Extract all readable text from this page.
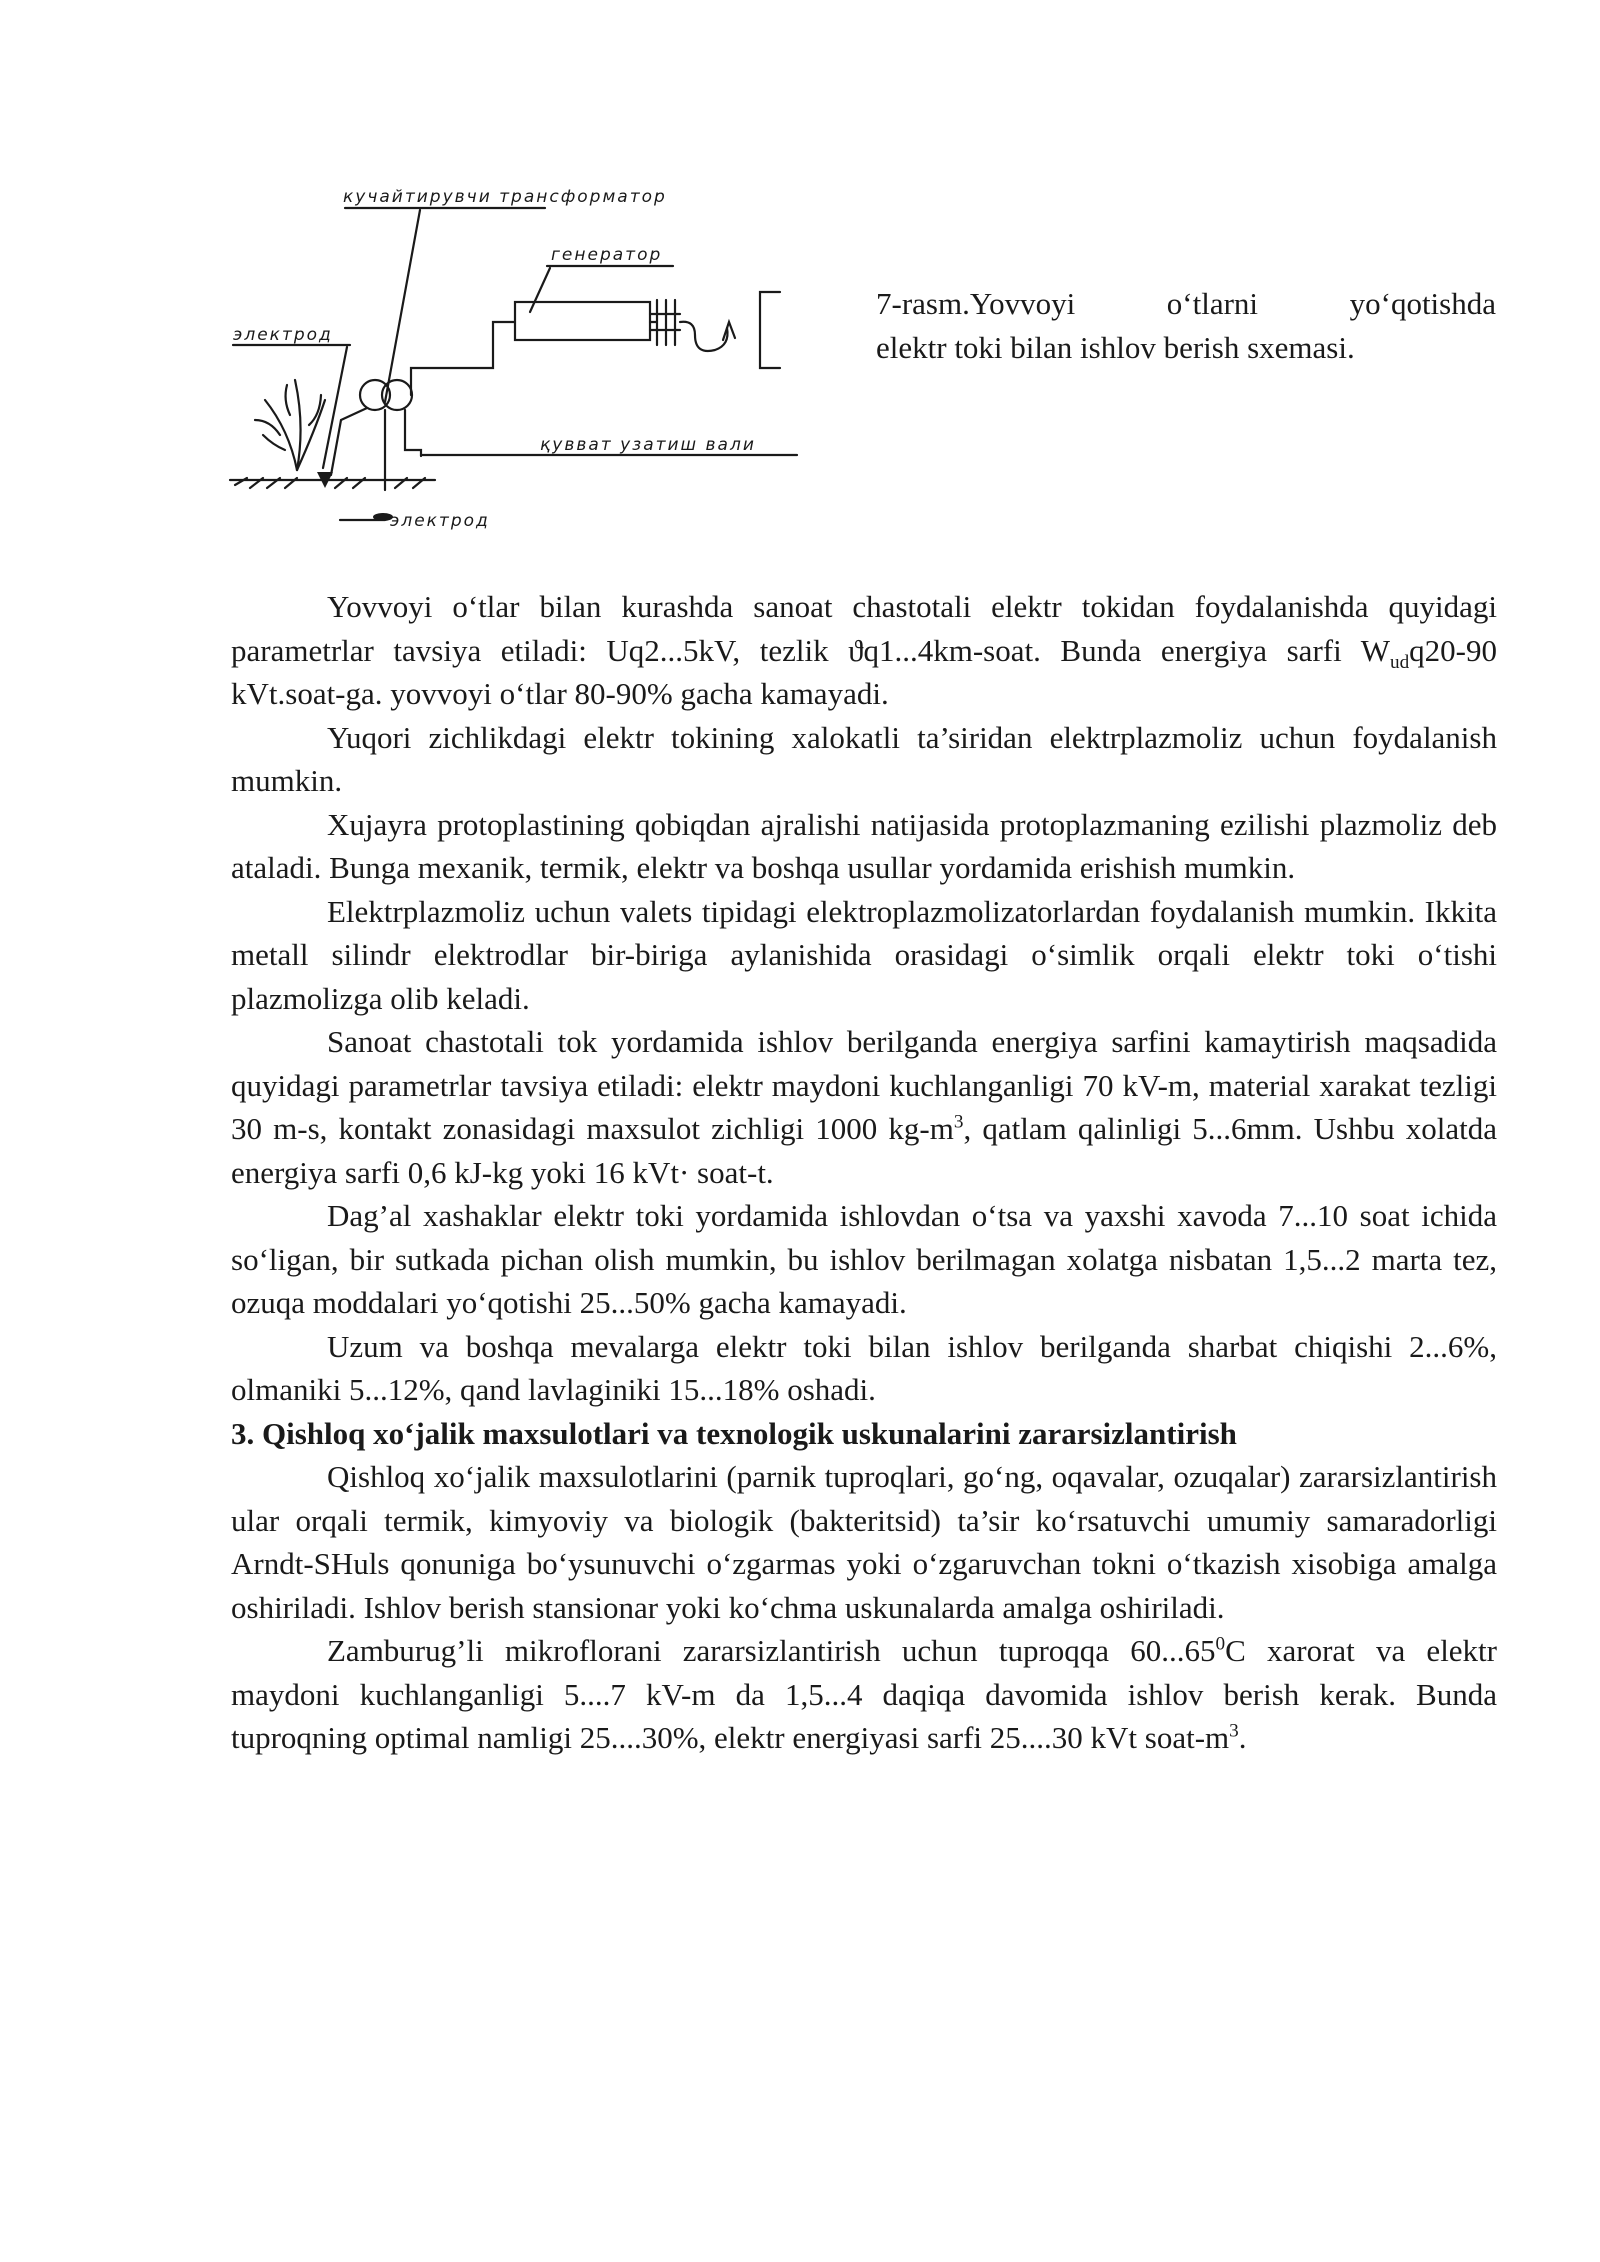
кучайтирувчи трансформатор
генератор
электрод
қувват узатиш вали
электрод
7-rasm.Yovvoyi o‘tlarni yo‘qotishda
elektr toki bilan ishlov berish sxemasi.

Yovvoyi o‘tlar bilan kurashda sanoat chastotali elektr tokidan foydalanishda quyidagi parametrlar tavsiya etiladi: Uq2...5kV, tezlik ϑq1...4km-soat. Bunda energiya sarfi $W_{ud}q20-90$ kVt.soat-ga. yovvoyi o‘tlar 80-90% gacha kamayadi.

Yuqori zichlikdagi elektr tokining xalokatli ta’siridan elektrplazmoliz uchun foydalanish mumkin.

Xujayra protoplastining qobiqdan ajralishi natijasida protoplazmaning ezilishi plazmoliz deb ataladi. Bunga mexanik, termik, elektr va boshqa usullar yordamida erishish mumkin.

Elektrplazmoliz uchun valets tipidagi elektroplazmolizatorlardan foydalanish mumkin. Ikkita metall silindr elektrodlar bir-biriga aylanishida orasidagi o‘simlik orqali elektr toki o‘tishi plazmolizga olib keladi.

Sanoat chastotali tok yordamida ishlov berilganda energiya sarfini kamaytirish maqsadida quyidagi parametrlar tavsiya etiladi: elektr maydoni kuchlanganligi 70 kV-m, material xarakat tezligi 30 m-s, kontakt zonasidagi maxsulot zichligi 1000 $kg-m^3$, qatlam qalinligi 5...6mm. Ushbu xolatda energiya sarfi 0,6 kJ-kg yoki 16 kVt· soat-t.

Dag’al xashaklar elektr toki yordamida ishlovdan o‘tsa va yaxshi xavoda 7...10 soat ichida so‘ligan, bir sutkada pichan olish mumkin, bu ishlov berilmagan xolatga nisbatan 1,5...2 marta tez, ozuqa moddalari yo‘qotishi 25...50% gacha kamayadi.

Uzum va boshqa mevalarga elektr toki bilan ishlov berilganda sharbat chiqishi 2...6%, olmaniki 5...12%, qand lavlaginiki 15...18% oshadi.

3. Qishloq xo‘jalik maxsulotlari va texnologik uskunalarini zararsizlantirish

Qishloq xo‘jalik maxsulotlarini (parnik tuproqlari, go‘ng, oqavalar, ozuqalar) zararsizlantirish ular orqali termik, kimyoviy va biologik (bakteritsid) ta’sir ko‘rsatuvchi umumiy samaradorligi Arndt-SHuls qonuniga bo‘ysunuvchi o‘zgarmas yoki o‘zgaruvchan tokni o‘tkazish xisobiga amalga oshiriladi. Ishlov berish stansionar yoki ko‘chma uskunalarda amalga oshiriladi.

Zamburug’li mikroflorani zararsizlantirish uchun tuproqqa 60...65$^0$C xarorat va elektr maydoni kuchlanganligi 5....7 kV-m da 1,5...4 daqiqa davomida ishlov berish kerak. Bunda tuproqning optimal namligi 25....30%, elektr energiyasi sarfi 25....30 kVt soat-$m^3$.
